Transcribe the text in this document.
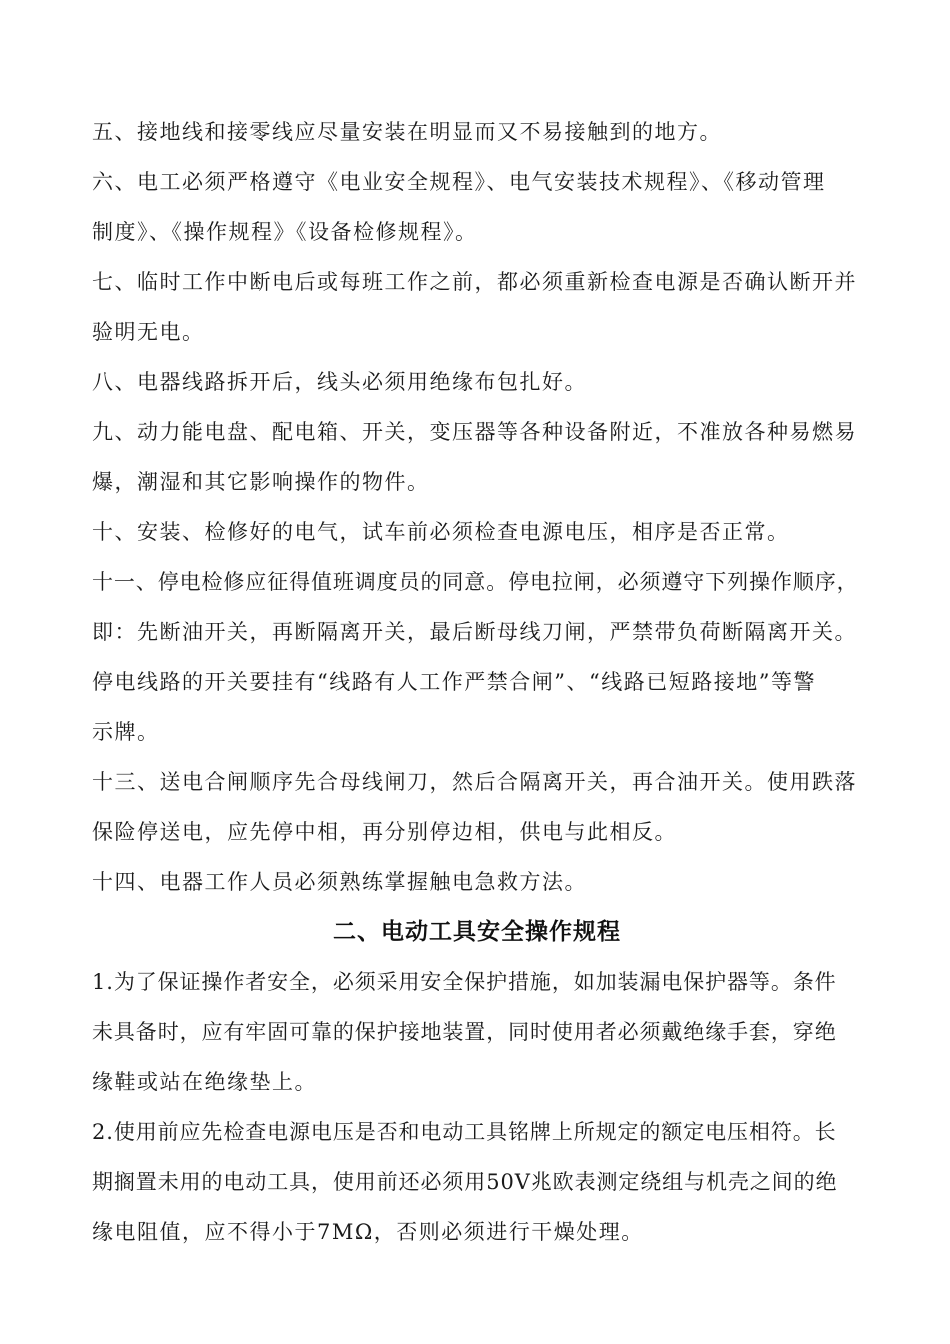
五、接地线和接零线应尽量安装在明显而又不易接触到的地方。
六、电工必须严格遵守《电业安全规程》、电气安装技术规程》、《移动管理
制度》、《操作规程》《设备检修规程》。
七、临时工作中断电后或每班工作之前，都必须重新检查电源是否确认断开并
验明无电。
八、电器线路拆开后，线头必须用绝缘布包扎好。
九、动力能电盘、配电箱、开关，变压器等各种设备附近，不准放各种易燃易
爆，潮湿和其它影响操作的物件。
十、安装、检修好的电气，试车前必须检查电源电压，相序是否正常。
十一、停电检修应征得值班调度员的同意。停电拉闸，必须遵守下列操作顺序，
即：先断油开关，再断隔离开关，最后断母线刀闸，严禁带负荷断隔离开关。
停电线路的开关要挂有“线路有人工作严禁合闸”、“线路已短路接地”等警
示牌。
十三、送电合闸顺序先合母线闸刀，然后合隔离开关，再合油开关。使用跌落
保险停送电，应先停中相，再分别停边相，供电与此相反。
十四、电器工作人员必须熟练掌握触电急救方法。
二、电动工具安全操作规程
1.为了保证操作者安全，必须采用安全保护措施，如加装漏电保护器等。条件
未具备时，应有牢固可靠的保护接地装置，同时使用者必须戴绝缘手套，穿绝
缘鞋或站在绝缘垫上。
2.使用前应先检查电源电压是否和电动工具铭牌上所规定的额定电压相符。长
期搁置未用的电动工具，使用前还必须用50V兆欧表测定绕组与机壳之间的绝
缘电阻值，应不得小于7MΩ，否则必须进行干燥处理。
